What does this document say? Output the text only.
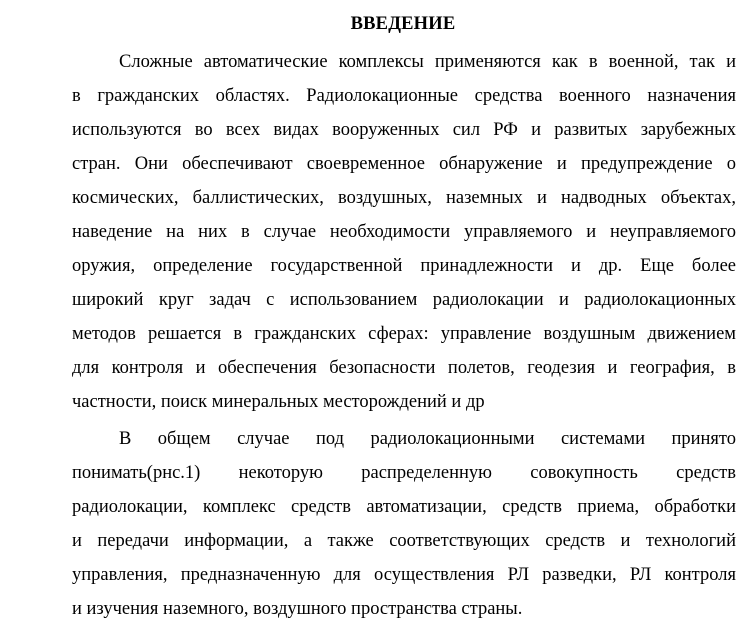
ВВЕДЕНИЕ
Сложные автоматические комплексы применяются как в военной, так и
в гражданских областях. Радиолокационные средства военного назначения
используются во всех видах вооруженных сил РФ и развитых зарубежных
стран. Они обеспечивают своевременное обнаружение и предупреждение о
космических, баллистических, воздушных, наземных и надводных объектах,
наведение на них в случае необходимости управляемого и неуправляемого
оружия, определение государственной принадлежности и др. Еще более
широкий круг задач с использованием радиолокации и радиолокационных
методов решается в гражданских сферах: управление воздушным движением
для контроля и обеспечения безопасности полетов, геодезия и география, в
частности, поиск минеральных месторождений и др
В общем случае под радиолокационными системами принято
понимать(рнс.1) некоторую распределенную совокупность средств
радиолокации, комплекс средств автоматизации, средств приема, обработки
и передачи информации, а также соответствующих средств и технологий
управления, предназначенную для осуществления РЛ разведки, РЛ контроля
и изучения наземного, воздушного пространства страны.
